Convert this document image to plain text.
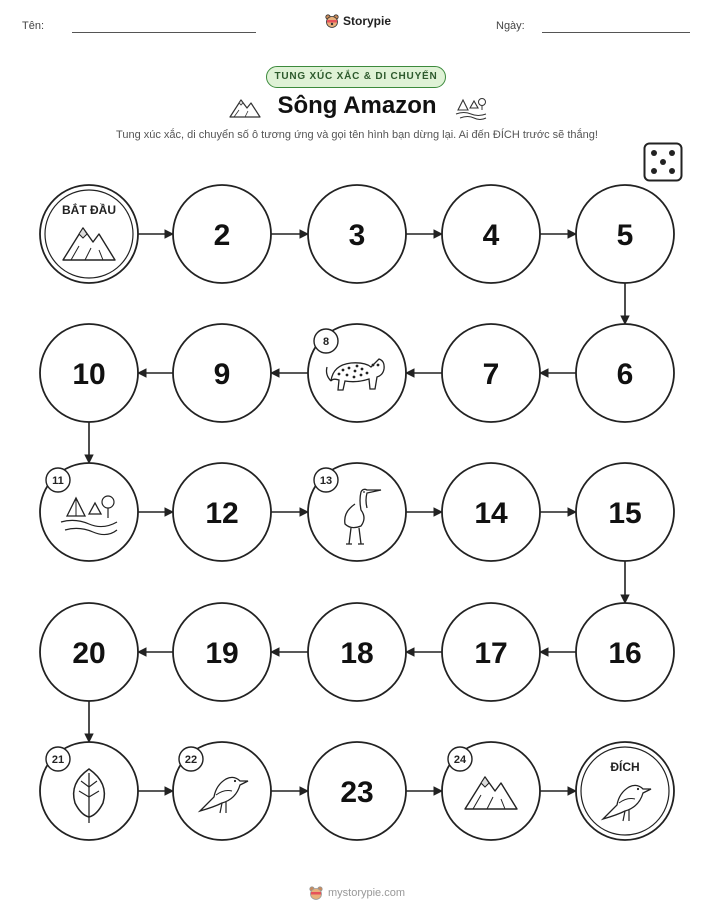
Tên:	Storypie	Ngày:
TUNG XÚC XẮC & DI CHUYỂN
Sông Amazon
Tung xúc xắc, di chuyển số ô tương ứng và gọi tên hình bạn dừng lại. Ai đến ĐÍCH trước sẽ thắng!
BẮT ĐẦU
2	3	4	5
6
7
8
9
10
11
12
13
14	15
16
17
18
19
20
21	22
23
24	ĐÍCH
mystorypie.com
